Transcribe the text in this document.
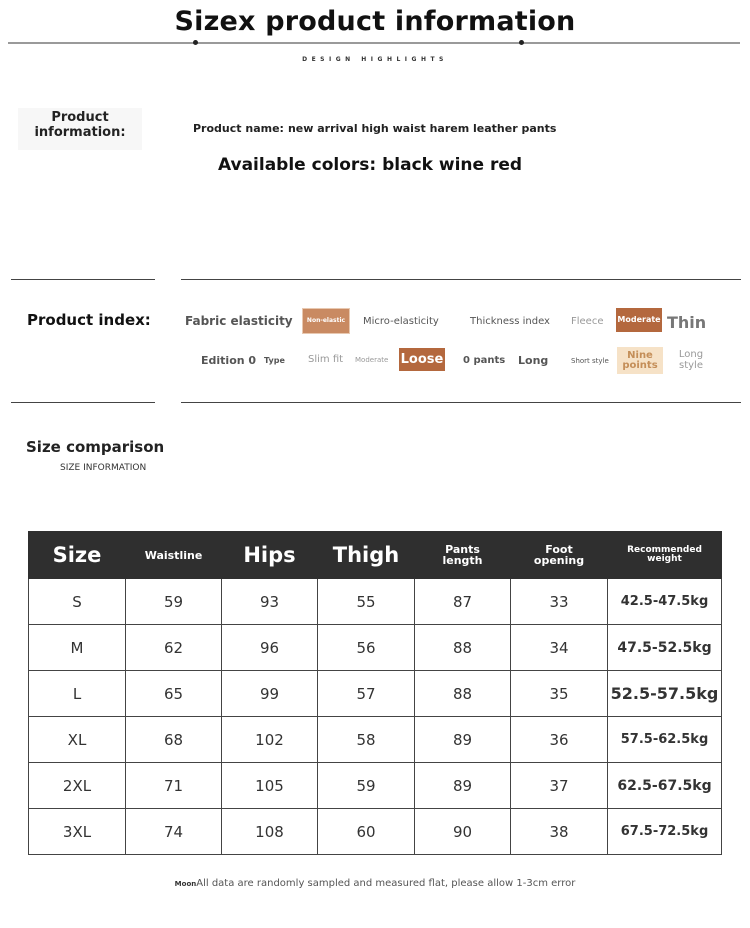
Sizex product information
DESIGN HIGHLIGHTS
Product information:	Product name: new arrival high waist harem leather pants
Available colors: black wine red
Product index:	Fabric elasticity	Non-elastic	Micro-elasticity	Thickness index Fleece Moderate Thin
Edition 0 Type Slim fit Moderate Loose 0 pants Long	Short style
Nine points
Long style
Size comparison
SIZE INFORMATION
Size	Waistline	Hips	Thigh	Pants length	Foot opening	Recommended weight
S	59	93	55	87	33	42.5-47.5kg
M	62	96	56	88	34	47.5-52.5kg
L	65	99	57	88	35	52.5-57.5kg
XL	68	102	58	89	36	57.5-62.5kg
2XL	71	105	59	89	37	62.5-67.5kg
3XL	74	108	60	90	38	67.5-72.5kg
MoonAll data are randomly sampled and measured flat, please allow 1-3cm error
